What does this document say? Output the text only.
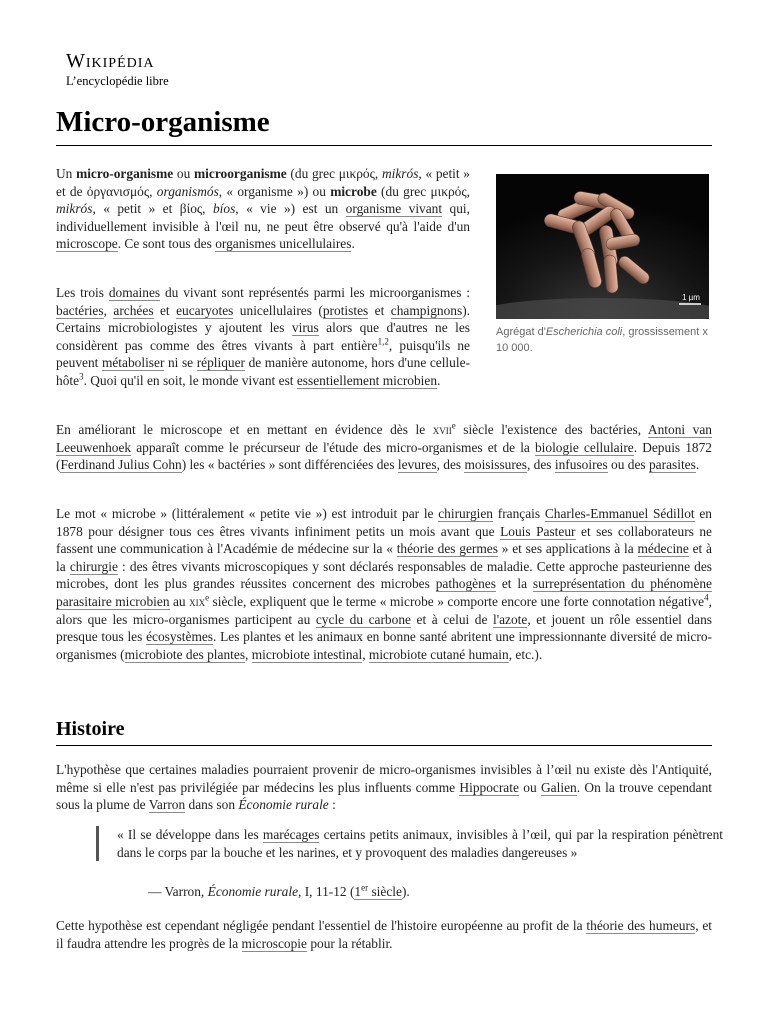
Wikipédia
L’encyclopédie libre
Micro-organisme
1 µm
Agrégat d'Escherichia coli, grossissement x 10 000.

Un micro-organisme ou microorganisme (du grec μικρός, mikrós, « petit » et de ὀργανισμός, organismós, « organisme ») ou microbe (du grec μικρός, mikrós, « petit » et βίος, bíos, « vie ») est un organisme vivant qui, individuellement invisible à l'œil nu, ne peut être observé qu'à l'aide d'un microscope. Ce sont tous des organismes unicellulaires.

Les trois domaines du vivant sont représentés parmi les microorganismes : bactéries, archées et eucaryotes unicellulaires (protistes et champignons). Certains microbiologistes y ajoutent les virus alors que d'autres ne les considèrent pas comme des êtres vivants à part entière$^{1,2}$, puisqu'ils ne peuvent métaboliser ni se répliquer de manière autonome, hors d'une cellule-hôte$^3$. Quoi qu'il en soit, le monde vivant est essentiellement microbien.

En améliorant le microscope et en mettant en évidence dès le xvii$^e$ siècle l'existence des bactéries, Antoni van Leeuwenhoek apparaît comme le précurseur de l'étude des micro-organismes et de la biologie cellulaire. Depuis 1872 (Ferdinand Julius Cohn) les « bactéries » sont différenciées des levures, des moisissures, des infusoires ou des parasites.

Le mot « microbe » (littéralement « petite vie ») est introduit par le chirurgien français Charles-Emmanuel Sédillot en 1878 pour désigner tous ces êtres vivants infiniment petits un mois avant que Louis Pasteur et ses collaborateurs ne fassent une communication à l'Académie de médecine sur la « théorie des germes » et ses applications à la médecine et à la chirurgie : des êtres vivants microscopiques y sont déclarés responsables de maladie. Cette approche pasteurienne des microbes, dont les plus grandes réussites concernent des microbes pathogènes et la surreprésentation du phénomène parasitaire microbien au xix$^e$ siècle, expliquent que le terme « microbe » comporte encore une forte connotation négative$^4$, alors que les micro-organismes participent au cycle du carbone et à celui de l'azote, et jouent un rôle essentiel dans presque tous les écosystèmes. Les plantes et les animaux en bonne santé abritent une impressionnante diversité de micro-organismes (microbiote des plantes, microbiote intestinal, microbiote cutané humain, etc.).

Histoire

L'hypothèse que certaines maladies pourraient provenir de micro-organismes invisibles à l’œil nu existe dès l'Antiquité, même si elle n'est pas privilégiée par médecins les plus influents comme Hippocrate ou Galien. On la trouve cependant sous la plume de Varron dans son Économie rurale :

« Il se développe dans les marécages certains petits animaux, invisibles à l’œil, qui par la respiration pénètrent dans le corps par la bouche et les narines, et y provoquent des maladies dangereuses »
— Varron, Économie rurale, I, 11-12 (1er siècle).

Cette hypothèse est cependant négligée pendant l'essentiel de l'histoire européenne au profit de la théorie des humeurs, et il faudra attendre les progrès de la microscopie pour la rétablir.
